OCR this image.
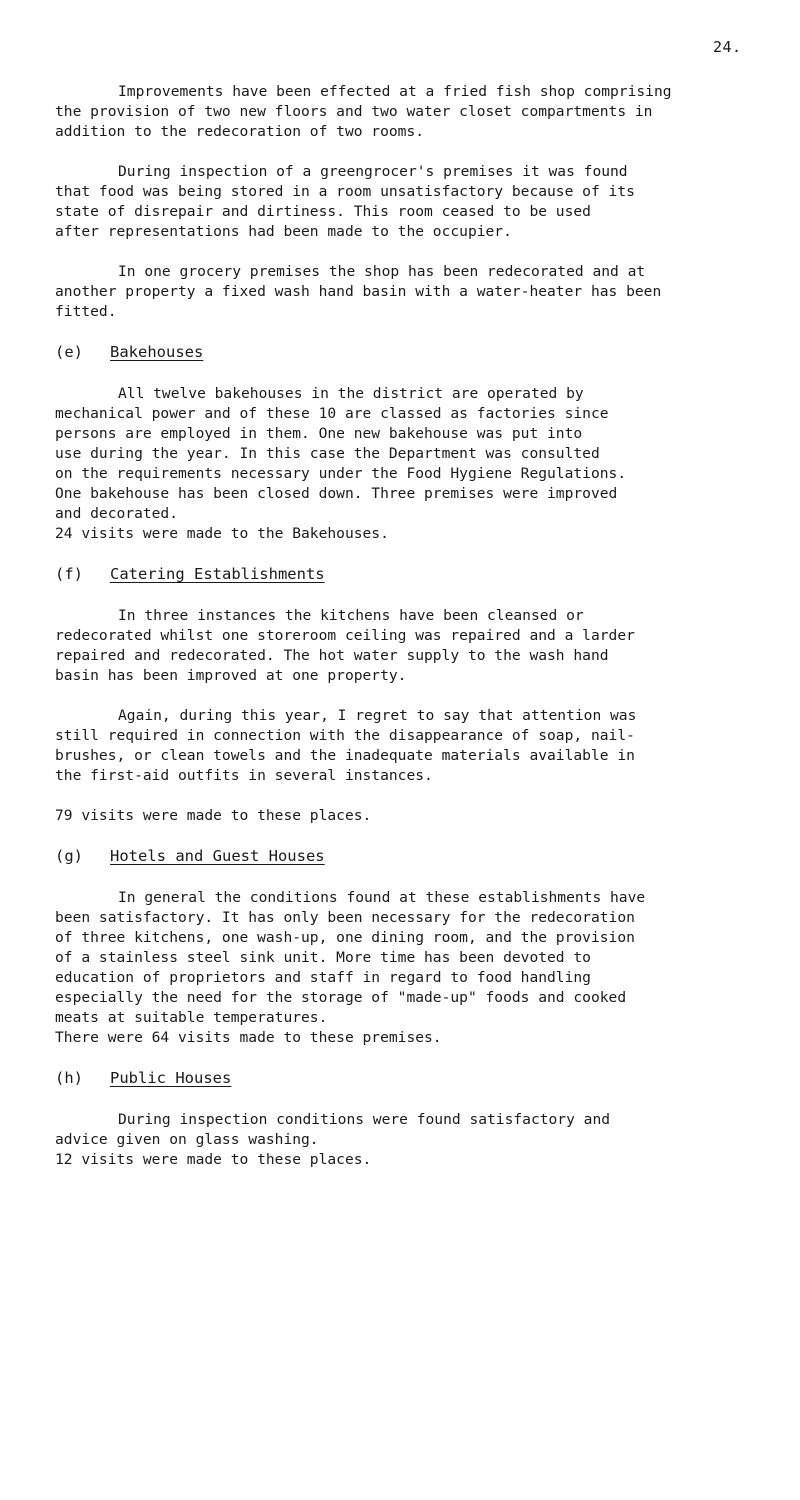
24.

Improvements have been effected at a fried fish shop comprising
the provision of two new floors and two water closet compartments in
addition to the redecoration of two rooms.

During inspection of a greengrocer's premises it was found
that food was being stored in a room unsatisfactory because of its
state of disrepair and dirtiness. This room ceased to be used
after representations had been made to the occupier.

In one grocery premises the shop has been redecorated and at
another property a fixed wash hand basin with a water-heater has been
fitted.

(e)	Bakehouses

All twelve bakehouses in the district are operated by
mechanical power and of these 10 are classed as factories since
persons are employed in them. One new bakehouse was put into
use during the year. In this case the Department was consulted
on the requirements necessary under the Food Hygiene Regulations.
One bakehouse has been closed down. Three premises were improved
and decorated.

24 visits were made to the Bakehouses.

(f)	Catering Establishments

In three instances the kitchens have been cleansed or
redecorated whilst one storeroom ceiling was repaired and a larder
repaired and redecorated. The hot water supply to the wash hand
basin has been improved at one property.

Again, during this year, I regret to say that attention was
still required in connection with the disappearance of soap, nail-
brushes, or clean towels and the inadequate materials available in
the first-aid outfits in several instances.

79 visits were made to these places.

(g)	Hotels and Guest Houses

In general the conditions found at these establishments have
been satisfactory. It has only been necessary for the redecoration
of three kitchens, one wash-up, one dining room, and the provision
of a stainless steel sink unit. More time has been devoted to
education of proprietors and staff in regard to food handling
especially the need for the storage of "made-up" foods and cooked
meats at suitable temperatures.

There were 64 visits made to these premises.

(h)	Public Houses

During inspection conditions were found satisfactory and
advice given on glass washing.

12 visits were made to these places.
